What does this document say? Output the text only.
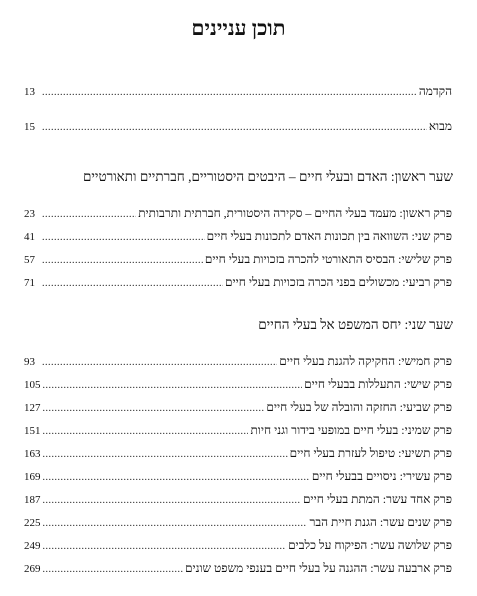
תוכן עניינים
הקדמה
.....
13
מבוא
.....
15
שער ראשון: האדם ובעלי חיים – היבטים היסטוריים, חברתיים ותאורטיים
פרק ראשון: מעמד בעלי החיים – סקירה היסטורית, חברתית ותרבותית
.....
23
פרק שני: השוואה בין תכונות האדם לתכונות בעלי חיים
.....
41
פרק שלישי: הבסיס התאורטי להכרה בזכויות בעלי חיים
.....
57
פרק רביעי: מכשולים בפני הכרה בזכויות בעלי חיים
.....
71
שער שני: יחס המשפט אל בעלי החיים
פרק חמישי: החקיקה להגנת בעלי חיים
.....
93
פרק שישי: התעללות בבעלי חיים
.....
105
פרק שביעי: החזקה והובלה של בעלי חיים
.....
127
פרק שמיני: בעלי חיים במופעי בידור וגני חיות
.....
151
פרק תשיעי: טיפול לעזרת בעלי חיים
.....
163
פרק עשירי: ניסויים בבעלי חיים
.....
169
פרק אחד עשר: המתת בעלי חיים
.....
187
פרק שנים עשר: הגנת חיית הבר
.....
225
פרק שלושה עשר: הפיקוח על כלבים
.....
249
פרק ארבעה עשר: ההגנה על בעלי חיים בענפי משפט שונים
.....
269
